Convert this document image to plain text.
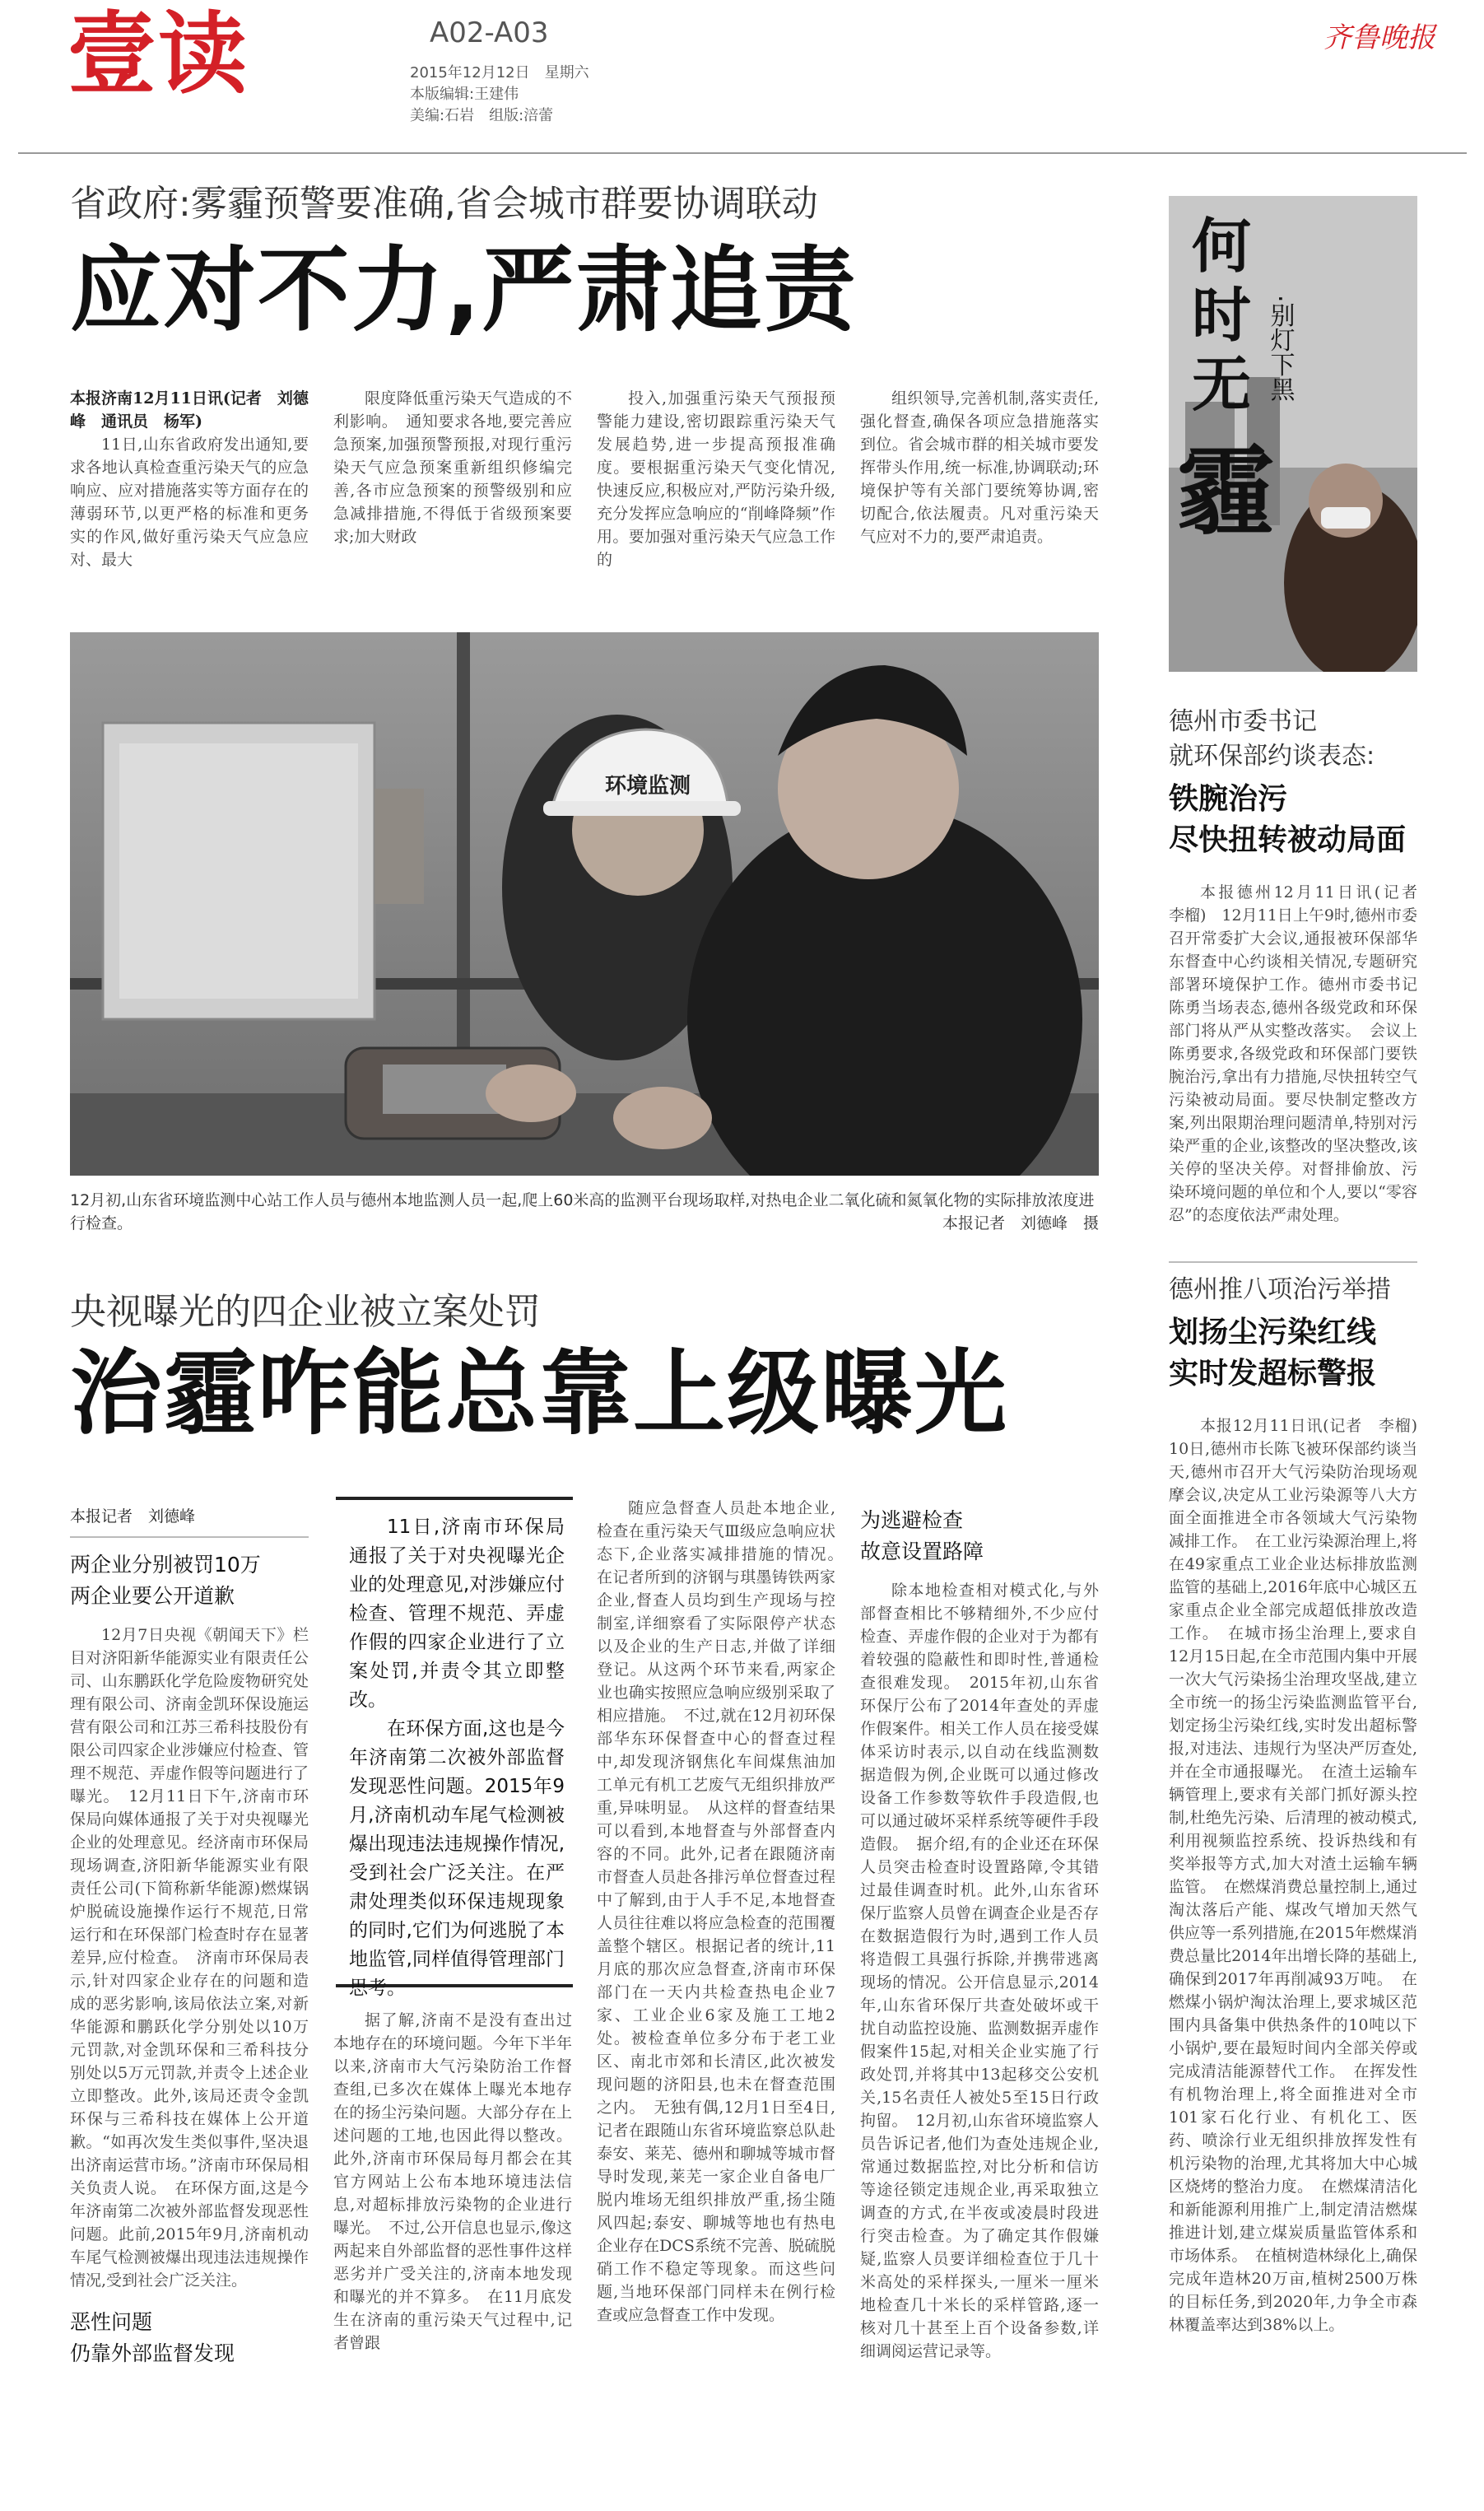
壹读	A02-A03
2015年12月12日　星期六
本版编辑:王建伟
美编:石岩　组版:涪蕾
齐鲁晚报
省政府:雾霾预警要准确,省会城市群要协调联动
应对不力,严肃追责
本报济南12月11日讯(记者　刘德峰　通讯员　杨军)

11日,山东省政府发出通知,要求各地认真检查重污染天气的应急响应、应对措施落实等方面存在的薄弱环节,以更严格的标准和更务实的作风,做好重污染天气应急应对、最大

限度降低重污染天气造成的不利影响。　通知要求各地,要完善应急预案,加强预警预报,对现行重污染天气应急预案重新组织修编完善,各市应急预案的预警级别和应急减排措施,不得低于省级预案要求;加大财政

投入,加强重污染天气预报预警能力建设,密切跟踪重污染天气发展趋势,进一步提高预报准确度。要根据重污染天气变化情况,快速反应,积极应对,严防污染升级,充分发挥应急响应的“削峰降频”作用。要加强对重污染天气应急工作的

组织领导,完善机制,落实责任,强化督查,确保各项应急措施落实到位。省会城市群的相关城市要发挥带头作用,统一标准,协调联动;环境保护等有关部门要统筹协调,密切配合,依法履责。凡对重污染天气应对不力的,要严肃追责。

环境监测
12月初,山东省环境监测中心站工作人员与德州本地监测人员一起,爬上60米高的监测平台现场取样,对热电企业二氧化硫和氮氧化物的实际排放浓度进行检查。	本报记者　刘德峰　摄
央视曝光的四企业被立案处罚
治霾咋能总靠上级曝光
本报记者　刘德峰
两企业分别被罚10万
两企业要公开道歉

12月7日央视《朝闻天下》栏目对济阳新华能源实业有限责任公司、山东鹏跃化学危险废物研究处理有限公司、济南金凯环保设施运营有限公司和江苏三希科技股份有限公司四家企业涉嫌应付检查、管理不规范、弄虚作假等问题进行了曝光。　12月11日下午,济南市环保局向媒体通报了关于对央视曝光企业的处理意见。经济南市环保局现场调查,济阳新华能源实业有限责任公司(下简称新华能源)燃煤锅炉脱硫设施操作运行不规范,日常运行和在环保部门检查时存在显著差异,应付检查。　济南市环保局表示,针对四家企业存在的问题和造成的恶劣影响,该局依法立案,对新华能源和鹏跃化学分别处以10万元罚款,对金凯环保和三希科技分别处以5万元罚款,并责令上述企业立即整改。此外,该局还责令金凯环保与三希科技在媒体上公开道歉。“如再次发生类似事件,坚决退出济南运营市场。”济南市环保局相关负责人说。　在环保方面,这是今年济南第二次被外部监督发现恶性问题。此前,2015年9月,济南机动车尾气检测被爆出现违法违规操作情况,受到社会广泛关注。

恶性问题
仍靠外部监督发现

11日,济南市环保局通报了关于对央视曝光企业的处理意见,对涉嫌应付检查、管理不规范、弄虚作假的四家企业进行了立案处罚,并责令其立即整改。

在环保方面,这也是今年济南第二次被外部监督发现恶性问题。2015年9月,济南机动车尾气检测被爆出现违法违规操作情况,受到社会广泛关注。在严肃处理类似环保违规现象的同时,它们为何逃脱了本地监管,同样值得管理部门思考。

据了解,济南不是没有查出过本地存在的环境问题。今年下半年以来,济南市大气污染防治工作督查组,已多次在媒体上曝光本地存在的扬尘污染问题。大部分存在上述问题的工地,也因此得以整改。此外,济南市环保局每月都会在其官方网站上公布本地环境违法信息,对超标排放污染物的企业进行曝光。　不过,公开信息也显示,像这两起来自外部监督的恶性事件这样恶劣并广受关注的,济南本地发现和曝光的并不算多。　在11月底发生在济南的重污染天气过程中,记者曾跟

随应急督查人员赴本地企业,检查在重污染天气Ⅲ级应急响应状态下,企业落实减排措施的情况。　在记者所到的济钢与琪墨铸铁两家企业,督查人员均到生产现场与控制室,详细察看了实际限停产状态以及企业的生产日志,并做了详细登记。从这两个环节来看,两家企业也确实按照应急响应级别采取了相应措施。　不过,就在12月初环保部华东环保督查中心的督查过程中,却发现济钢焦化车间煤焦油加工单元有机工艺废气无组织排放严重,异味明显。　从这样的督查结果可以看到,本地督查与外部督查内容的不同。此外,记者在跟随济南市督查人员赴各排污单位督查过程中了解到,由于人手不足,本地督查人员往往难以将应急检查的范围覆盖整个辖区。根据记者的统计,11月底的那次应急督查,济南市环保部门在一天内共检查热电企业7家、工业企业6家及施工工地2处。被检查单位多分布于老工业区、南北市郊和长清区,此次被发现问题的济阳县,也未在督查范围之内。　无独有偶,12月1日至4日,记者在跟随山东省环境监察总队赴泰安、莱芜、德州和聊城等城市督导时发现,莱芜一家企业自备电厂脱内堆场无组织排放严重,扬尘随风四起;泰安、聊城等地也有热电企业存在DCS系统不完善、脱硫脱硝工作不稳定等现象。而这些问题,当地环保部门同样未在例行检查或应急督查工作中发现。

为逃避检查
故意设置路障

除本地检查相对模式化,与外部督查相比不够精细外,不少应付检查、弄虚作假的企业对于为都有着较强的隐蔽性和即时性,普通检查很难发现。　2015年初,山东省环保厅公布了2014年查处的弄虚作假案件。相关工作人员在接受媒体采访时表示,以自动在线监测数据造假为例,企业既可以通过修改设备工作参数等软件手段造假,也可以通过破坏采样系统等硬件手段造假。　据介绍,有的企业还在环保人员突击检查时设置路障,令其错过最佳调查时机。此外,山东省环保厅监察人员曾在调查企业是否存在数据造假行为时,遇到工作人员将造假工具强行拆除,并携带逃离现场的情况。公开信息显示,2014年,山东省环保厅共查处破坏或干扰自动监控设施、监测数据弄虚作假案件15起,对相关企业实施了行政处罚,并将其中13起移交公安机关,15名责任人被处5至15日行政拘留。　12月初,山东省环境监察人员告诉记者,他们为查处违规企业,常通过数据监控,对比分析和信访等途径锁定违规企业,再采取独立调查的方式,在半夜或凌晨时段进行突击检查。为了确定其作假嫌疑,监察人员要详细检查位于几十米高处的采样探头,一厘米一厘米地检查几十米长的采样管路,逐一核对几十甚至上百个设备参数,详细调阅运营记录等。

何
时
无
霾
·别灯下黑
德州市委书记
就环保部约谈表态:
铁腕治污
尽快扭转被动局面

本报德州12月11日讯(记者　李榴)　12月11日上午9时,德州市委召开常委扩大会议,通报被环保部华东督查中心约谈相关情况,专题研究部署环境保护工作。德州市委书记陈勇当场表态,德州各级党政和环保部门将从严从实整改落实。　会议上陈勇要求,各级党政和环保部门要铁腕治污,拿出有力措施,尽快扭转空气污染被动局面。要尽快制定整改方案,列出限期治理问题清单,特别对污染严重的企业,该整改的坚决整改,该关停的坚决关停。对督排偷放、污染环境问题的单位和个人,要以“零容忍”的态度依法严肃处理。

德州推八项治污举措
划扬尘污染红线
实时发超标警报

本报12月11日讯(记者　李榴)　10日,德州市长陈飞被环保部约谈当天,德州市召开大气污染防治现场观摩会议,决定从工业污染源等八大方面全面推进全市各领域大气污染物减排工作。　在工业污染源治理上,将在49家重点工业企业达标排放监测监管的基础上,2016年底中心城区五家重点企业全部完成超低排放改造工作。　在城市扬尘治理上,要求自12月15日起,在全市范围内集中开展一次大气污染扬尘治理攻坚战,建立全市统一的扬尘污染监测监管平台,划定扬尘污染红线,实时发出超标警报,对违法、违规行为坚决严厉查处,并在全市通报曝光。　在渣土运输车辆管理上,要求有关部门抓好源头控制,杜绝先污染、后清理的被动模式,利用视频监控系统、投诉热线和有奖举报等方式,加大对渣土运输车辆监管。　在燃煤消费总量控制上,通过淘汰落后产能、煤改气增加天然气供应等一系列措施,在2015年燃煤消费总量比2014年出增长降的基础上,确保到2017年再削减93万吨。　在燃煤小锅炉淘汰治理上,要求城区范围内具备集中供热条件的10吨以下小锅炉,要在最短时间内全部关停或完成清洁能源替代工作。　在挥发性有机物治理上,将全面推进对全市101家石化行业、有机化工、医药、喷涂行业无组织排放挥发性有机污染物的治理,尤其将加大中心城区烧烤的整治力度。　在燃煤清洁化和新能源利用推广上,制定清洁燃煤推进计划,建立煤炭质量监管体系和市场体系。　在植树造林绿化上,确保完成年造林20万亩,植树2500万株的目标任务,到2020年,力争全市森林覆盖率达到38%以上。
